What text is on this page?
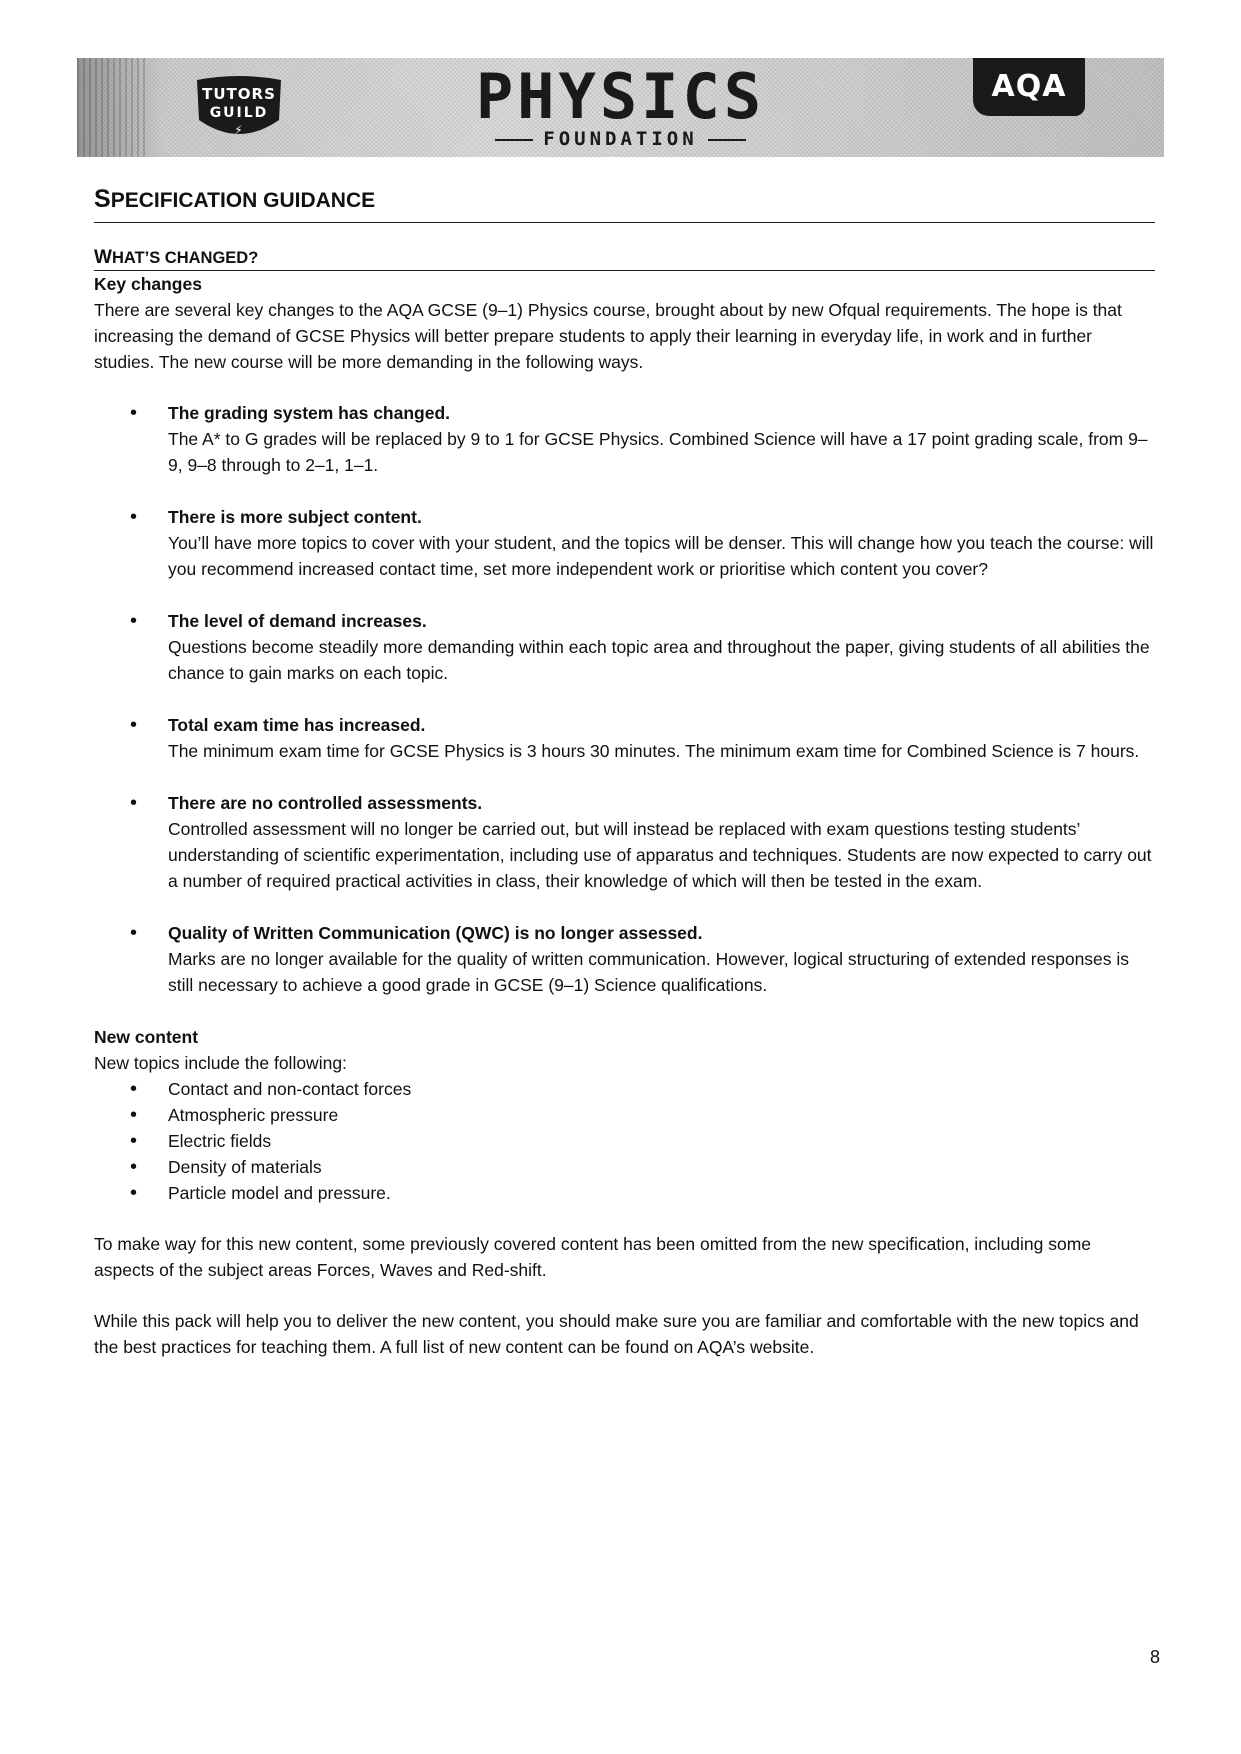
TUTORS
GUILD
⚡	PHYSICS
FOUNDATION
AQA
SPECIFICATION GUIDANCE
WHAT’S CHANGED?
Key changes

There are several key changes to the AQA GCSE (9–1) Physics course, brought about by new Ofqual requirements. The hope is that increasing the demand of GCSE Physics will better prepare students to apply their learning in everyday life, in work and in further studies. The new course will be more demanding in the following ways.

• The grading system has changed.
The A* to G grades will be replaced by 9 to 1 for GCSE Physics. Combined Science will have a 17 point grading scale, from 9–9, 9–8 through to 2–1, 1–1.
• There is more subject content.
You’ll have more topics to cover with your student, and the topics will be denser. This will change how you teach the course: will you recommend increased contact time, set more independent work or prioritise which content you cover?
• The level of demand increases.
Questions become steadily more demanding within each topic area and throughout the paper, giving students of all abilities the chance to gain marks on each topic.
• Total exam time has increased.
The minimum exam time for GCSE Physics is 3 hours 30 minutes. The minimum exam time for Combined Science is 7 hours.
• There are no controlled assessments.
Controlled assessment will no longer be carried out, but will instead be replaced with exam questions testing students’ understanding of scientific experimentation, including use of apparatus and techniques. Students are now expected to carry out a number of required practical activities in class, their knowledge of which will then be tested in the exam.
• Quality of Written Communication (QWC) is no longer assessed.
Marks are no longer available for the quality of written communication. However, logical structuring of extended responses is still necessary to achieve a good grade in GCSE (9–1) Science qualifications.
New content

New topics include the following:

• Contact and non-contact forces
• Atmospheric pressure
• Electric fields
• Density of materials
• Particle model and pressure.

To make way for this new content, some previously covered content has been omitted from the new specification, including some aspects of the subject areas Forces, Waves and Red-shift.

While this pack will help you to deliver the new content, you should make sure you are familiar and comfortable with the new topics and the best practices for teaching them. A full list of new content can be found on AQA’s website.

8
